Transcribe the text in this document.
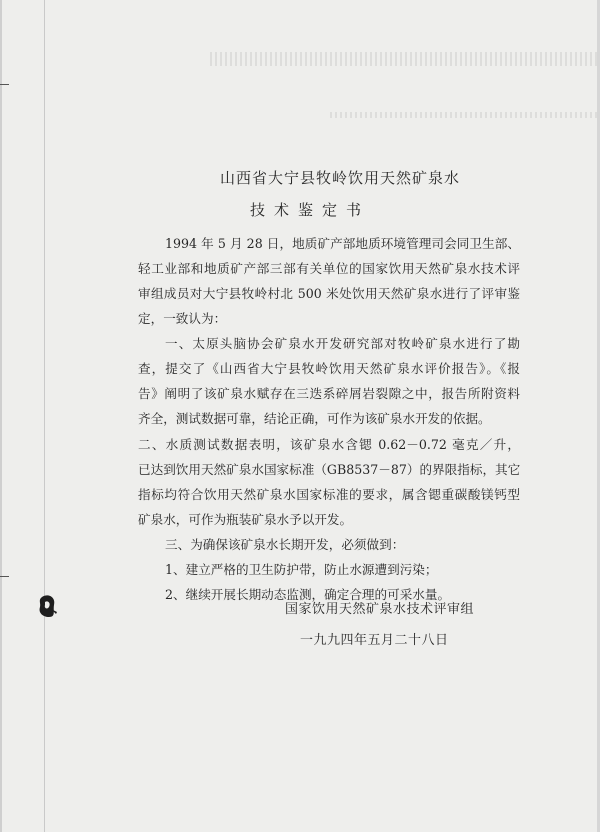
山西省大宁县牧岭饮用天然矿泉水
技术鉴定书

1994 年 5 月 28 日，地质矿产部地质环境管理司会同卫生部、

轻工业部和地质矿产部三部有关单位的国家饮用天然矿泉水技术评

审组成员对大宁县牧岭村北 500 米处饮用天然矿泉水进行了评审鉴

定，一致认为：

一、太原头脑协会矿泉水开发研究部对牧岭矿泉水进行了勘

查，提交了《山西省大宁县牧岭饮用天然矿泉水评价报告》。《报

告》阐明了该矿泉水赋存在三迭系碎屑岩裂隙之中，报告所附资料

齐全，测试数据可靠，结论正确，可作为该矿泉水开发的依据。

二、水质测试数据表明，该矿泉水含锶 0.62－0.72 毫克／升，

已达到饮用天然矿泉水国家标准（GB8537－87）的界限指标，其它

指标均符合饮用天然矿泉水国家标准的要求，属含锶重碳酸镁钙型

矿泉水，可作为瓶装矿泉水予以开发。

三、为确保该矿泉水长期开发，必须做到：

1、建立严格的卫生防护带，防止水源遭到污染；

2、继续开展长期动态监测，确定合理的可采水量。

国家饮用天然矿泉水技术评审组

一九九四年五月二十八日
